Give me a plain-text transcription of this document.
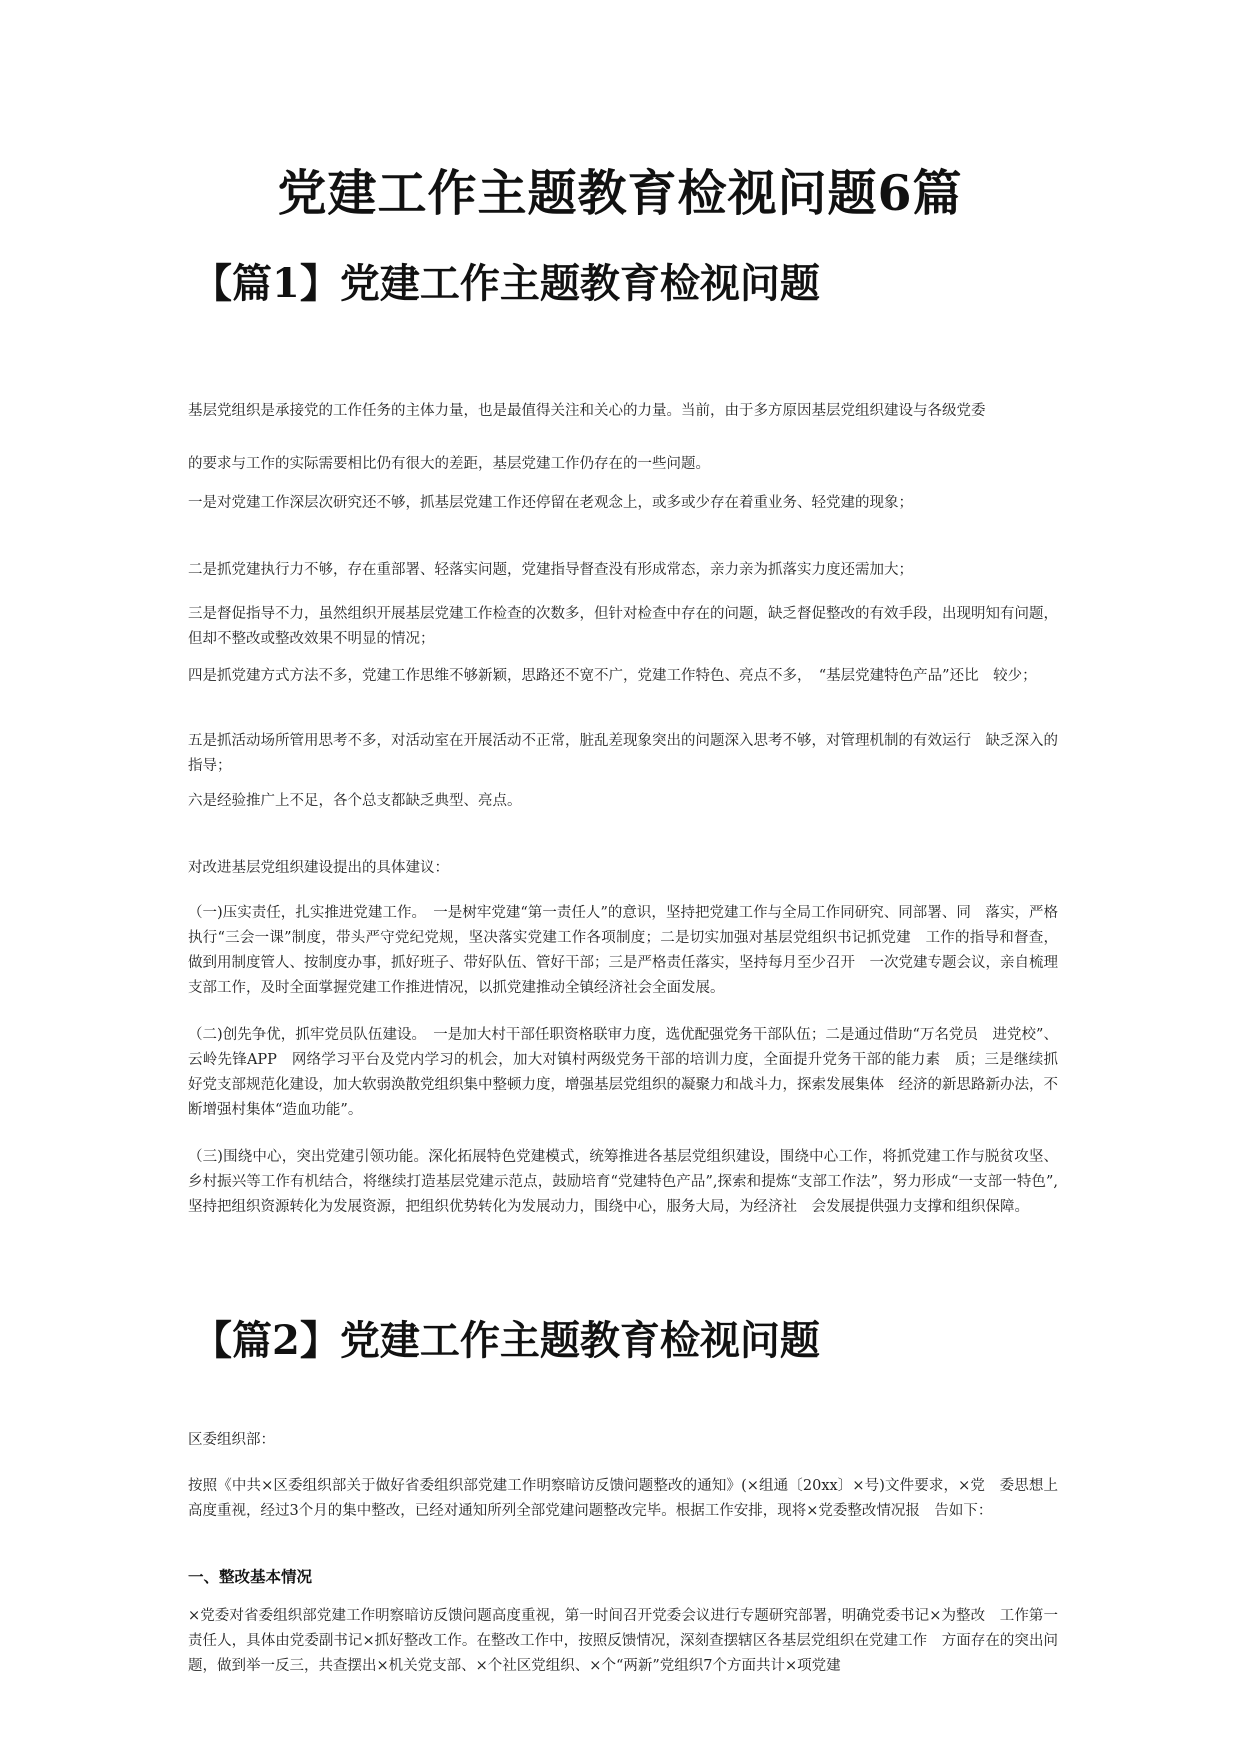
党建工作主题教育检视问题6篇
【篇1】党建工作主题教育检视问题
基层党组织是承接党的工作任务的主体力量，也是最值得关注和关心的力量。当前，由于多方原因基层党组织建设与各级党委
的要求与工作的实际需要相比仍有很大的差距，基层党建工作仍存在的一些问题。
一是对党建工作深层次研究还不够，抓基层党建工作还停留在老观念上，或多或少存在着重业务、轻党建的现象；
二是抓党建执行力不够，存在重部署、轻落实问题，党建指导督查没有形成常态，亲力亲为抓落实力度还需加大；
三是督促指导不力，虽然组织开展基层党建工作检查的次数多，但针对检查中存在的问题，缺乏督促整改的有效手段，出现明知有问题，但却不整改或整改效果不明显的情况；
四是抓党建方式方法不多，党建工作思维不够新颖，思路还不宽不广，党建工作特色、亮点不多，　“基层党建特色产品”还比　较少；
五是抓活动场所管用思考不多，对活动室在开展活动不正常，脏乱差现象突出的问题深入思考不够，对管理机制的有效运行　缺乏深入的指导；
六是经验推广上不足，各个总支都缺乏典型、亮点。
对改进基层党组织建设提出的具体建议：
（一)压实责任，扎实推进党建工作。　一是树牢党建“第一责任人”的意识，坚持把党建工作与全局工作同研究、同部署、同　落实，严格执行“三会一课”制度，带头严守党纪党规，坚决落实党建工作各项制度；二是切实加强对基层党组织书记抓党建　工作的指导和督查，做到用制度管人、按制度办事，抓好班子、带好队伍、管好干部；三是严格责任落实，坚持每月至少召开　一次党建专题会议，亲自梳理支部工作，及时全面掌握党建工作推进情况，以抓党建推动全镇经济社会全面发展。
（二)创先争优，抓牢党员队伍建设。　一是加大村干部任职资格联审力度，选优配强党务干部队伍；二是通过借助“万名党员　进党校”、云岭先锋APP　网络学习平台及党内学习的机会，加大对镇村两级党务干部的培训力度，全面提升党务干部的能力素　质；三是继续抓好党支部规范化建设，加大软弱涣散党组织集中整顿力度，增强基层党组织的凝聚力和战斗力，探索发展集体　经济的新思路新办法，不断增强村集体“造血功能”。
（三)围绕中心，突出党建引领功能。深化拓展特色党建模式，统筹推进各基层党组织建设，围绕中心工作，将抓党建工作与脱贫攻坚、乡村振兴等工作有机结合，将继续打造基层党建示范点，鼓励培育“党建特色产品”,探索和提炼“支部工作法”，努力形成“一支部一特色”,坚持把组织资源转化为发展资源，把组织优势转化为发展动力，围绕中心，服务大局，为经济社　会发展提供强力支撑和组织保障。
【篇2】党建工作主题教育检视问题
区委组织部：
按照《中共×区委组织部关于做好省委组织部党建工作明察暗访反馈问题整改的通知》(×组通〔20xx〕×号)文件要求，×党　委思想上高度重视，经过3个月的集中整改，已经对通知所列全部党建问题整改完毕。根据工作安排，现将×党委整改情况报　告如下：
一、整改基本情况
×党委对省委组织部党建工作明察暗访反馈问题高度重视，第一时间召开党委会议进行专题研究部署，明确党委书记×为整改　工作第一责任人，具体由党委副书记×抓好整改工作。在整改工作中，按照反馈情况，深刻查摆辖区各基层党组织在党建工作　方面存在的突出问题，做到举一反三，共查摆出×机关党支部、×个社区党组织、×个“两新”党组织7个方面共计×项党建
